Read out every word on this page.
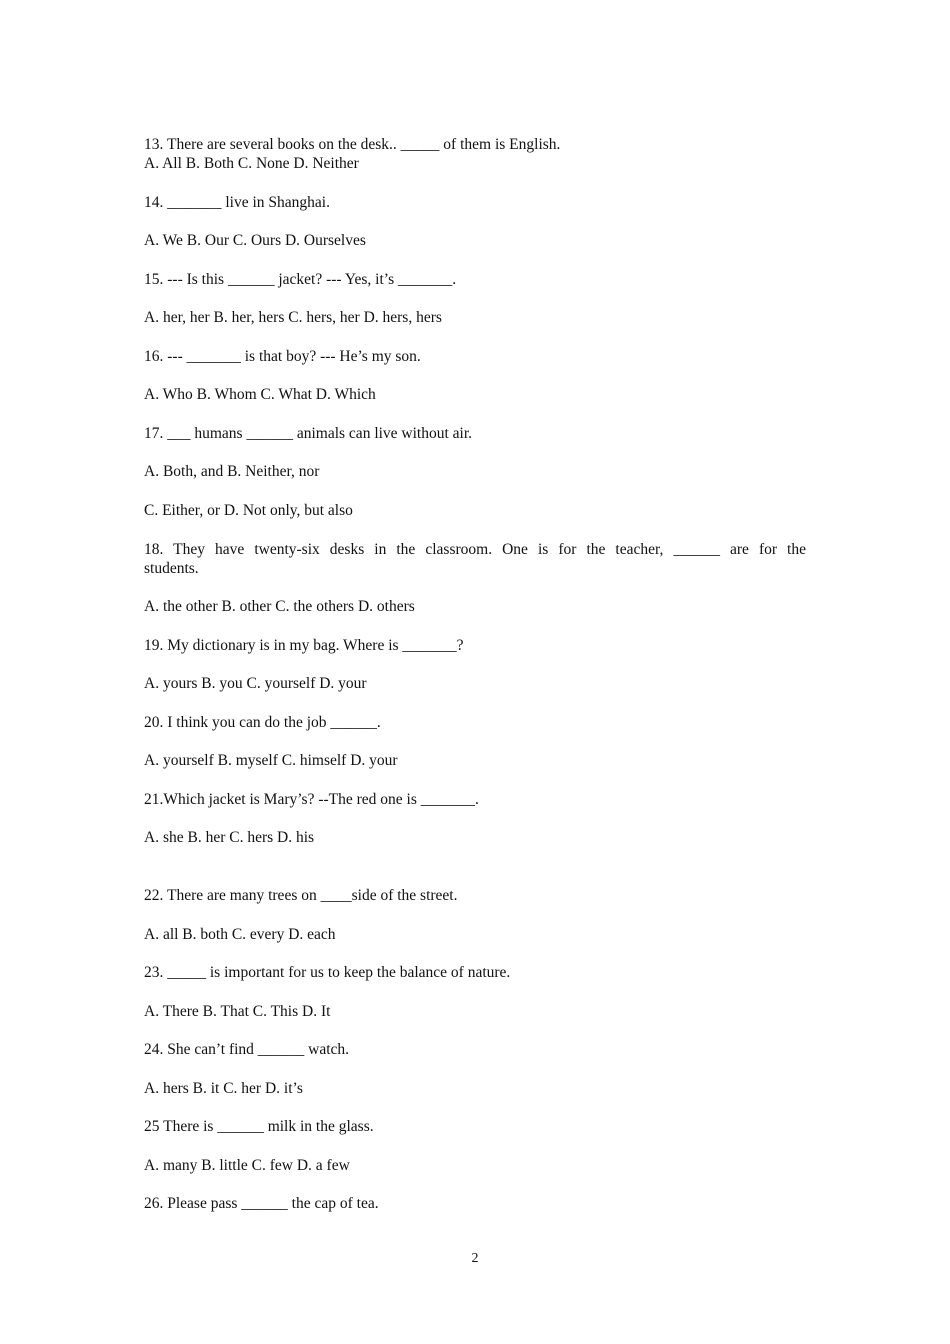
13. There are several books on the desk.. _____ of them is English.
A. All B. Both C. None D. Neither
14. _______ live in Shanghai.
A. We B. Our C. Ours D. Ourselves
15. --- Is this ______ jacket? --- Yes, it’s _______.
A. her, her B. her, hers C. hers, her D. hers, hers
16. --- _______ is that boy? --- He’s my son.
A. Who B. Whom C. What D. Which
17. ___ humans ______ animals can live without air.
A. Both, and B. Neither, nor
C. Either, or D. Not only, but also
18. They have twenty-six desks in the classroom. One is for the teacher, ______ are for the
students.
A. the other B. other C. the others D. others
19. My dictionary is in my bag. Where is _______?
A. yours B. you C. yourself D. your
20. I think you can do the job ______.
A. yourself B. myself C. himself D. your
21.Which jacket is Mary’s? --The red one is _______.
A. she B. her C. hers D. his
22. There are many trees on ____side of the street.
A. all B. both C. every D. each
23. _____ is important for us to keep the balance of nature.
A. There B. That C. This D. It
24. She can’t find ______ watch.
A. hers B. it C. her D. it’s
25 There is ______ milk in the glass.
A. many B. little C. few D. a few
26. Please pass ______ the cap of tea.
2
